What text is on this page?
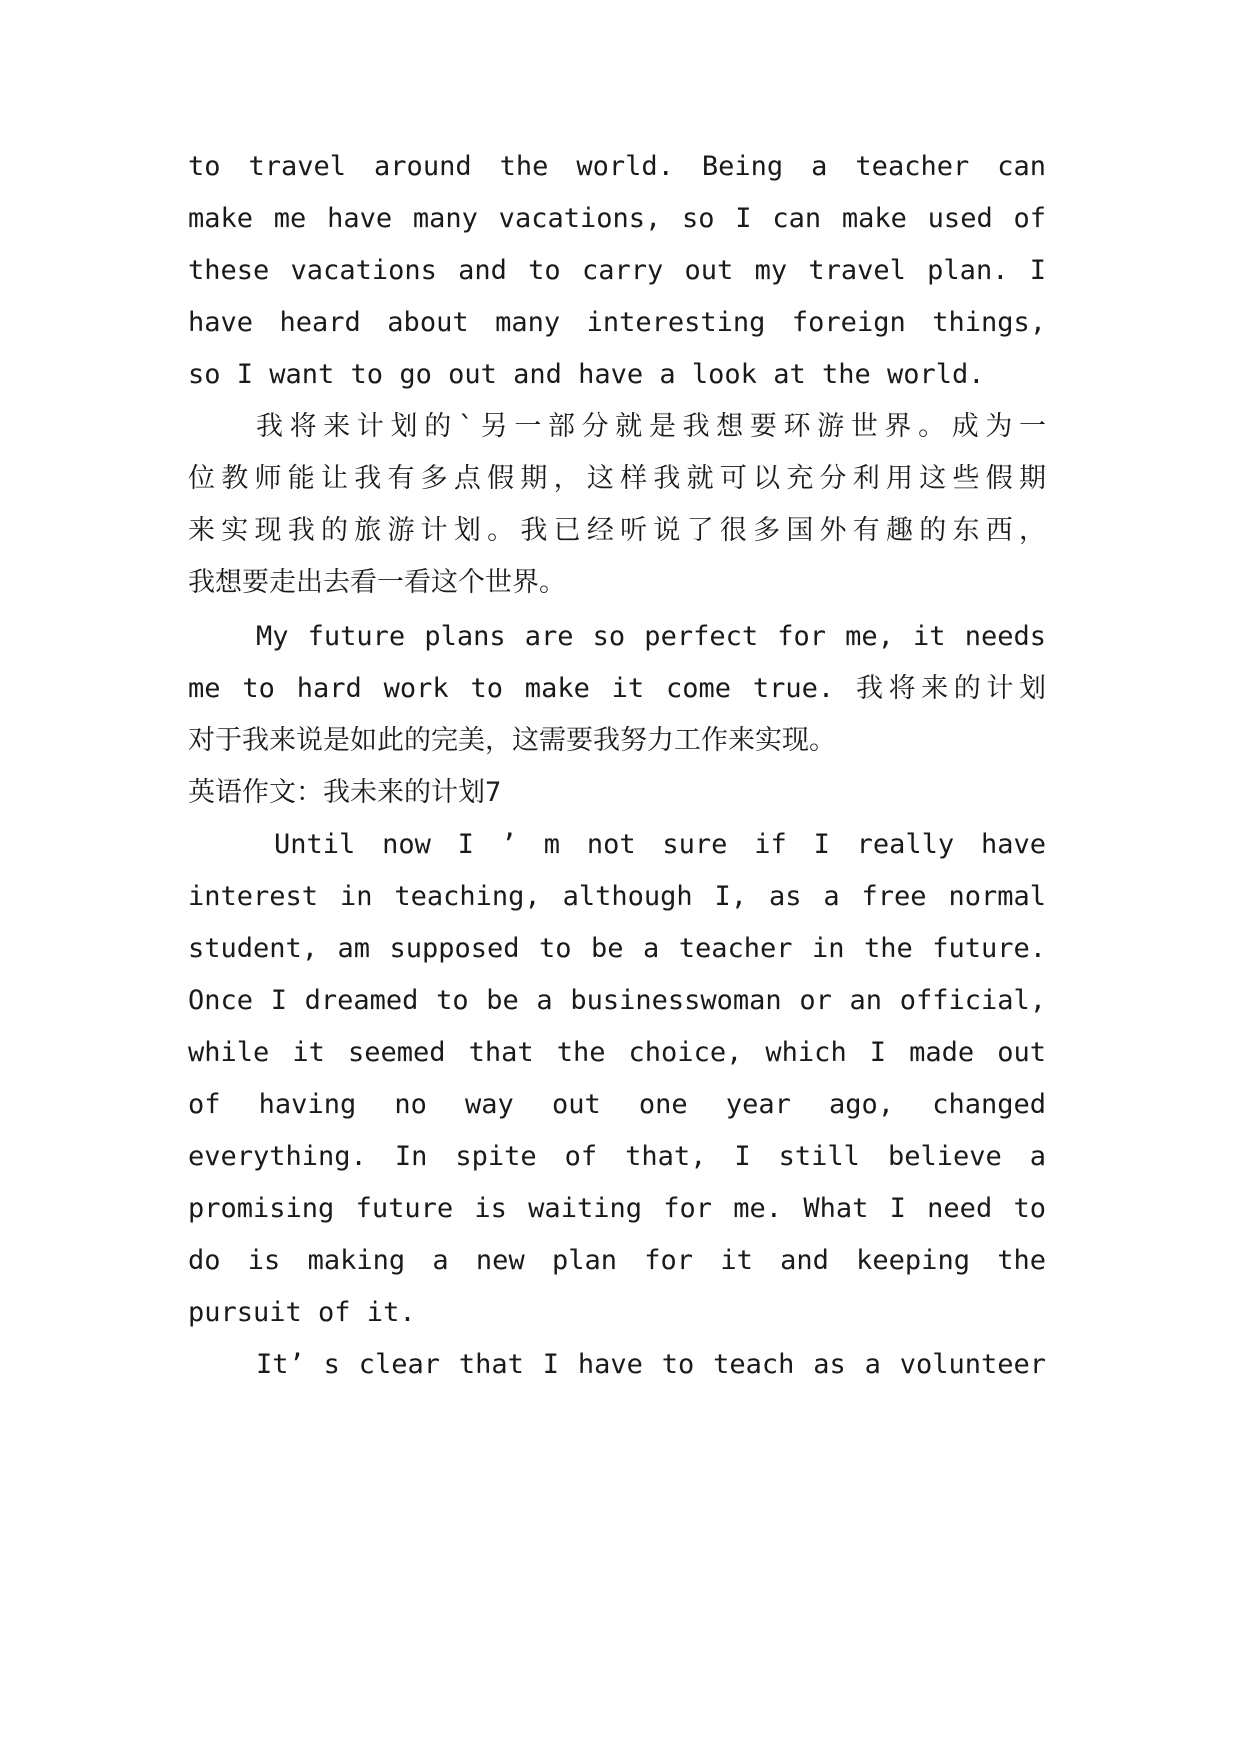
to travel around the world. Being a teacher can
make me have many vacations, so I can make used of
these vacations and to carry out my travel plan. I
have heard about many interesting foreign things,
so I want to go out and have a look at the world.
我将来计划的`另一部分就是我想要环游世界。成为一
位教师能让我有多点假期，这样我就可以充分利用这些假期
来实现我的旅游计划。我已经听说了很多国外有趣的东西，
我想要走出去看一看这个世界。
My future plans are so perfect for me, it needs
me to hard work to make it come true. 我将来的计划
对于我来说是如此的完美，这需要我努力工作来实现。
英语作文：我未来的计划7
Until now I ’ m not sure if I really have
interest in teaching, although I, as a free normal
student, am supposed to be a teacher in the future.
Once I dreamed to be a businesswoman or an official,
while it seemed that the choice, which I made out
of having no way out one year ago, changed
everything. In spite of that, I still believe a
promising future is waiting for me. What I need to
do is making a new plan for it and keeping the
pursuit of it.
It’ s clear that I have to teach as a volunteer
